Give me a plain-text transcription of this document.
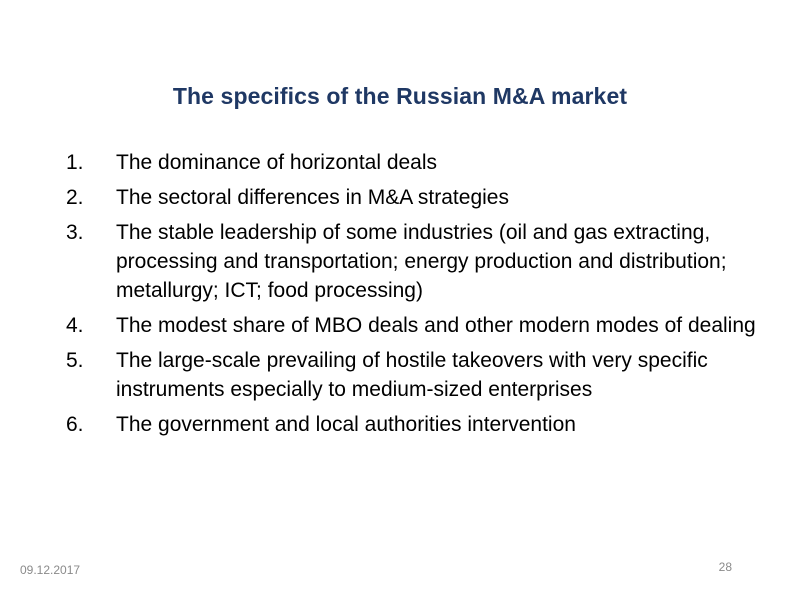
The specifics of the Russian M&A market
1. The dominance of horizontal deals
2. The sectoral differences in M&A strategies
3. The stable leadership of some industries (oil and gas extracting, processing and transportation; energy production and distribution; metallurgy; ICT; food processing)
4. The modest share of MBO deals and other modern modes of dealing
5. The large-scale prevailing of hostile takeovers with very specific instruments especially to medium-sized enterprises
6. The government and local authorities intervention
09.12.2017	28
